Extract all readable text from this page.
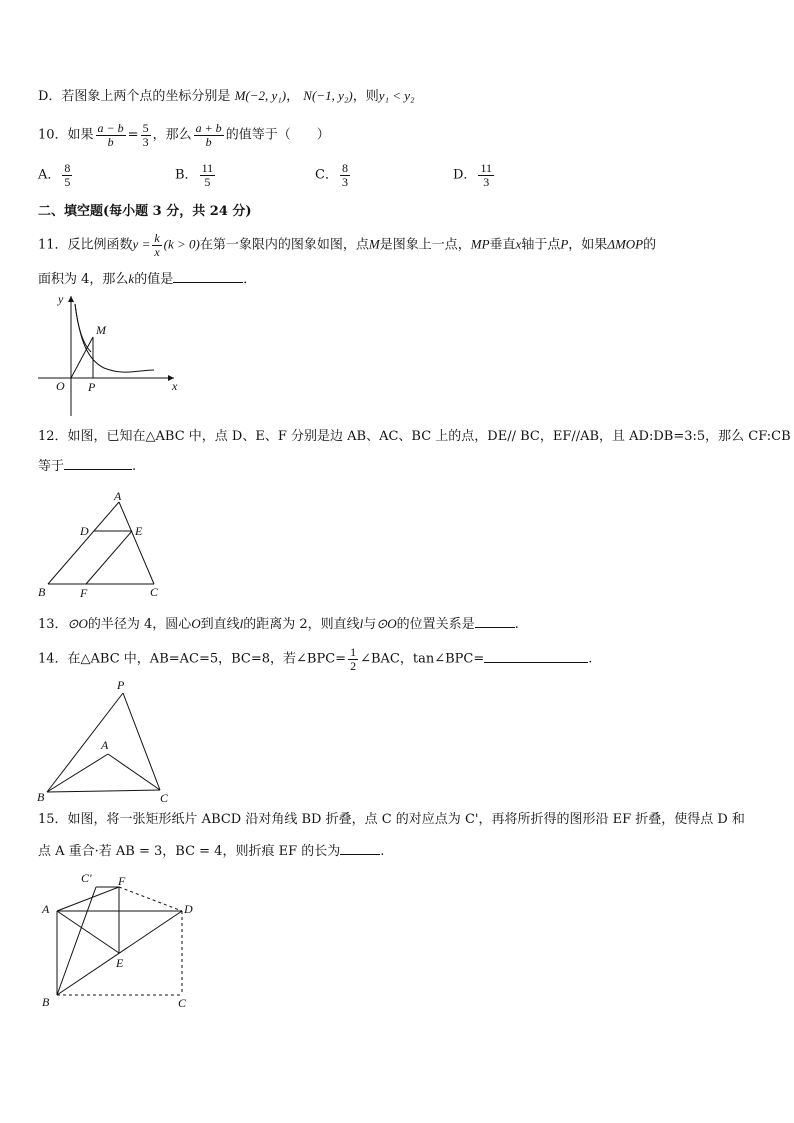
D．若图象上两个点的坐标分别是 M(−2, y₁)， N(−1, y₂)，则y₁ < y₂
10．如果 $\frac{a - b}{b} = \frac{5}{3}$ ，那么 $\frac{a + b}{b}$ 的值等于（　　）
A． $\frac{8}{5}$	B． $\frac{11}{5}$	C． $\frac{8}{3}$	D． $\frac{11}{3}$
二、填空题(每小题 3 分，共 24 分)
11．反比例函数$y = \frac{k}{x} (k > 0)$在第一象限内的图象如图，点M是图象上一点，MP垂直x轴于点P，如果ΔMOP的
面积为 4，那么k的值是	．
y
x
O P
M
12．如图，已知在△ABC 中，点 D、E、F 分别是边 AB、AC、BC 上的点，DE// BC，EF//AB，且 AD:DB=3:5，那么 CF:CB
等于	.
A
D	E
B	F	C
13．⊙O的半径为 4，圆心O到直线l的距离为 2，则直线l与⊙O的位置关系是	.
14．在△ABC 中，AB=AC=5，BC=8，若∠BPC= $\frac{1}{2}$ ∠BAC，tan∠BPC=	.
P
A
B	C
15．如图，将一张矩形纸片 ABCD 沿对角线 BD 折叠，点 C 的对应点为 C'，再将所折得的图形沿 EF 折叠，使得点 D 和
点 A 重合·若 AB = 3，BC = 4，则折痕 EF 的长为	.
C' F
A	D
E
B	C
